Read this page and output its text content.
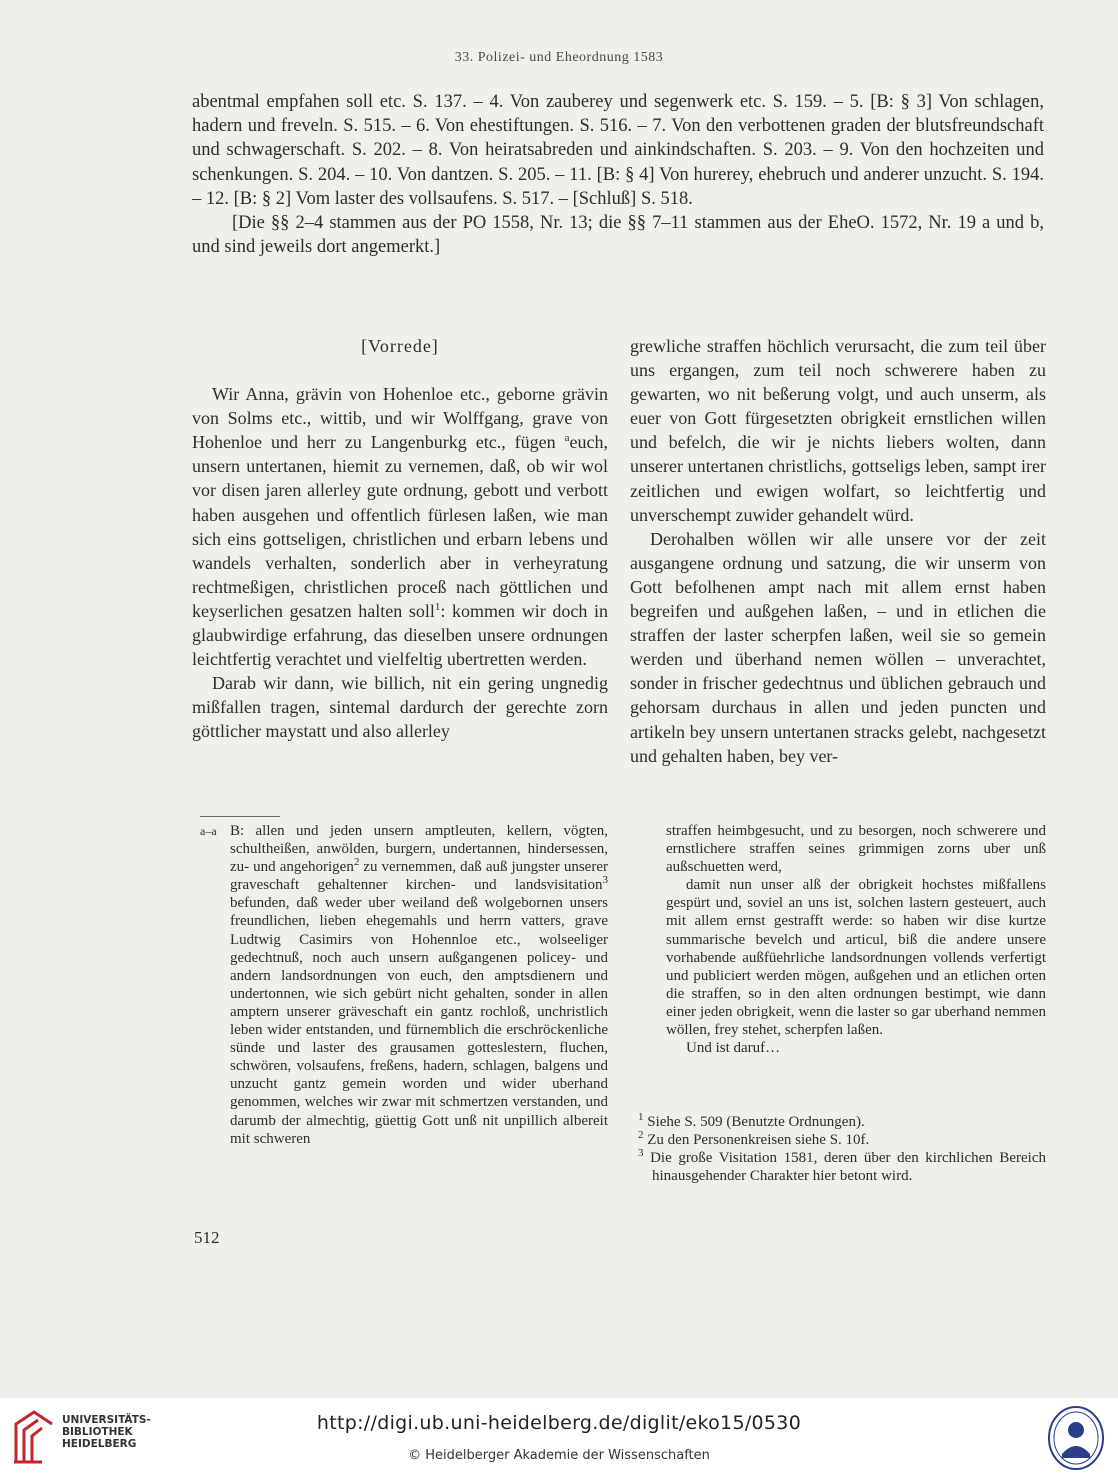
33. Polizei- und Eheordnung 1583

abentmal empfahen soll etc. S. 137. – 4. Von zauberey und segenwerk etc. S. 159. – 5. [B: § 3] Von schlagen, hadern und freveln. S. 515. – 6. Von ehestiftungen. S. 516. – 7. Von den verbottenen graden der blutsfreundschaft und schwagerschaft. S. 202. – 8. Von heiratsabreden und ainkindschaften. S. 203. – 9. Von den hochzeiten und schenkungen. S. 204. – 10. Von dantzen. S. 205. – 11. [B: § 4] Von hurerey, ehebruch und anderer unzucht. S. 194. – 12. [B: § 2] Vom laster des vollsaufens. S. 517. – [Schluß] S. 518.

[Die §§ 2–4 stammen aus der PO 1558, Nr. 13; die §§ 7–11 stammen aus der EheO. 1572, Nr. 19 a und b, und sind jeweils dort angemerkt.]

[Vorrede]

Wir Anna, grävin von Hohenloe etc., geborne grävin von Solms etc., wittib, und wir Wolffgang, grave von Hohenloe und herr zu Langenburkg etc., fügen $^a$euch, unsern untertanen, hiemit zu vernemen, daß, ob wir wol vor disen jaren allerley gute ordnung, gebott und verbott haben ausgehen und offentlich fürlesen laßen, wie man sich eins gottseligen, christlichen und erbarn lebens und wandels verhalten, sonderlich aber in verheyratung rechtmeßigen, christlichen proceß nach göttlichen und keyserlichen gesatzen halten soll$^1$: kommen wir doch in glaubwirdige erfahrung, das dieselben unsere ordnungen leichtfertig verachtet und vielfeltig ubertretten werden.

Darab wir dann, wie billich, nit ein gering ungnedig mißfallen tragen, sintemal dardurch der gerechte zorn göttlicher maystatt und also allerley

grewliche straffen höchlich verursacht, die zum teil über uns ergangen, zum teil noch schwerere haben zu gewarten, wo nit beßerung volgt, und auch unserm, als euer von Gott fürgesetzten obrigkeit ernstlichen willen und befelch, die wir je nichts liebers wolten, dann unserer untertanen christlichs, gottseligs leben, sampt irer zeitlichen und ewigen wolfart, so leichtfertig und unverschempt zuwider gehandelt würd.

Derohalben wöllen wir alle unsere vor der zeit ausgangene ordnung und satzung, die wir unserm von Gott befolhenen ampt nach mit allem ernst haben begreifen und außgehen laßen, – und in etlichen die straffen der laster scherpfen laßen, weil sie so gemein werden und überhand nemen wöllen – unverachtet, sonder in frischer gedechtnus und üblichen gebrauch und gehorsam durchaus in allen und jeden puncten und artikeln bey unsern untertanen stracks gelebt, nachgesetzt und gehalten haben, bey ver-

a–a B: allen und jeden unsern amptleuten, kellern, vögten, schultheißen, anwölden, burgern, undertannen, hindersessen, zu- und angehorigen$^2$ zu vernemmen, daß auß jungster unserer graveschaft gehaltenner kirchen- und landsvisitation$^3$ befunden, daß weder uber weiland deß wolgebornen unsers freundlichen, lieben ehegemahls und herrn vatters, grave Ludtwig Casimirs von Hohennloe etc., wolseeliger gedechtnuß, noch auch unsern außgangenen policey- und andern landsordnungen von euch, den amptsdienern und undertonnen, wie sich gebürt nicht gehalten, sonder in allen amptern unserer gräveschaft ein gantz rochloß, unchristlich leben wider entstanden, und fürnemblich die erschröckenliche sünde und laster des grausamen gotteslestern, fluchen, schwören, volsaufens, freßens, hadern, schlagen, balgens und unzucht gantz gemein worden und wider uberhand genommen, welches wir zwar mit schmertzen verstanden, und darumb der almechtig, güettig Gott unß nit unpillich albereit mit schweren

straffen heimbgesucht, und zu besorgen, noch schwerere und ernstlichere straffen seines grimmigen zorns uber unß außschuetten werd,

damit nun unser alß der obrigkeit hochstes mißfallens gespürt und, soviel an uns ist, solchen lastern gesteuert, auch mit allem ernst gestrafft werde: so haben wir dise kurtze summarische bevelch und articul, biß die andere unsere vorhabende außfüehrliche landsordnungen vollends verfertigt und publiciert werden mögen, außgehen und an etlichen orten die straffen, so in den alten ordnungen bestimpt, wie dann einer jeden obrigkeit, wenn die laster so gar uberhand nemmen wöllen, frey stehet, scherpfen laßen.

Und ist daruf…

$^1$ Siehe S. 509 (Benutzte Ordnungen).

$^2$ Zu den Personenkreisen siehe S. 10f.

$^3$ Die große Visitation 1581, deren über den kirchlichen Bereich hinausgehender Charakter hier betont wird.

512
UNIVERSITÄTS-
BIBLIOTHEK
HEIDELBERG
http://digi.ub.uni-heidelberg.de/diglit/eko15/0530
© Heidelberger Akademie der Wissenschaften
